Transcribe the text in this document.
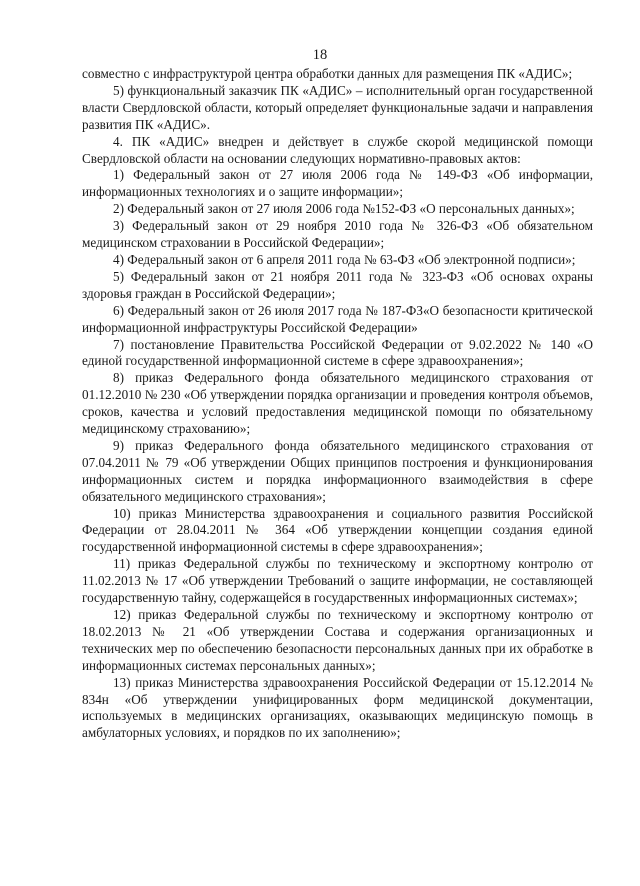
18

совместно с инфраструктурой центра обработки данных для размещения ПК «АДИС»;

5) функциональный заказчик ПК «АДИС» – исполнительный орган государственной власти Свердловской области, который определяет функциональные задачи и направления развития ПК «АДИС».

4. ПК «АДИС» внедрен и действует в службе скорой медицинской помощи Свердловской области на основании следующих нормативно-правовых актов:

1) Федеральный закон от 27 июля 2006 года № 149-ФЗ «Об информации, информационных технологиях и о защите информации»;

2) Федеральный закон от 27 июля 2006 года №152-ФЗ «О персональных данных»;

3) Федеральный закон от 29 ноября 2010 года № 326-ФЗ «Об обязательном медицинском страховании в Российской Федерации»;

4) Федеральный закон от 6 апреля 2011 года № 63-ФЗ «Об электронной подписи»;

5) Федеральный закон от 21 ноября 2011 года № 323-ФЗ «Об основах охраны здоровья граждан в Российской Федерации»;

6) Федеральный закон от 26 июля 2017 года № 187-ФЗ«О безопасности критической информационной инфраструктуры Российской Федерации»

7) постановление Правительства Российской Федерации от 9.02.2022 № 140 «О единой государственной информационной системе в сфере здравоохранения»;

8) приказ Федерального фонда обязательного медицинского страхования от 01.12.2010 № 230 «Об утверждении порядка организации и проведения контроля объемов, сроков, качества и условий предоставления медицинской помощи по обязательному медицинскому страхованию»;

9) приказ Федерального фонда обязательного медицинского страхования от 07.04.2011 № 79 «Об утверждении Общих принципов построения и функционирования информационных систем и порядка информационного взаимодействия в сфере обязательного медицинского страхования»;

10) приказ Министерства здравоохранения и социального развития Российской Федерации от 28.04.2011 № 364 «Об утверждении концепции создания единой государственной информационной системы в сфере здравоохранения»;

11) приказ Федеральной службы по техническому и экспортному контролю от 11.02.2013 № 17 «Об утверждении Требований о защите информации, не составляющей государственную тайну, содержащейся в государственных информационных системах»;

12) приказ Федеральной службы по техническому и экспортному контролю от 18.02.2013 № 21 «Об утверждении Состава и содержания организационных и технических мер по обеспечению безопасности персональных данных при их обработке в информационных системах персональных данных»;

13) приказ Министерства здравоохранения Российской Федерации от 15.12.2014 № 834н «Об утверждении унифицированных форм медицинской документации, используемых в медицинских организациях, оказывающих медицинскую помощь в амбулаторных условиях, и порядков по их заполнению»;
